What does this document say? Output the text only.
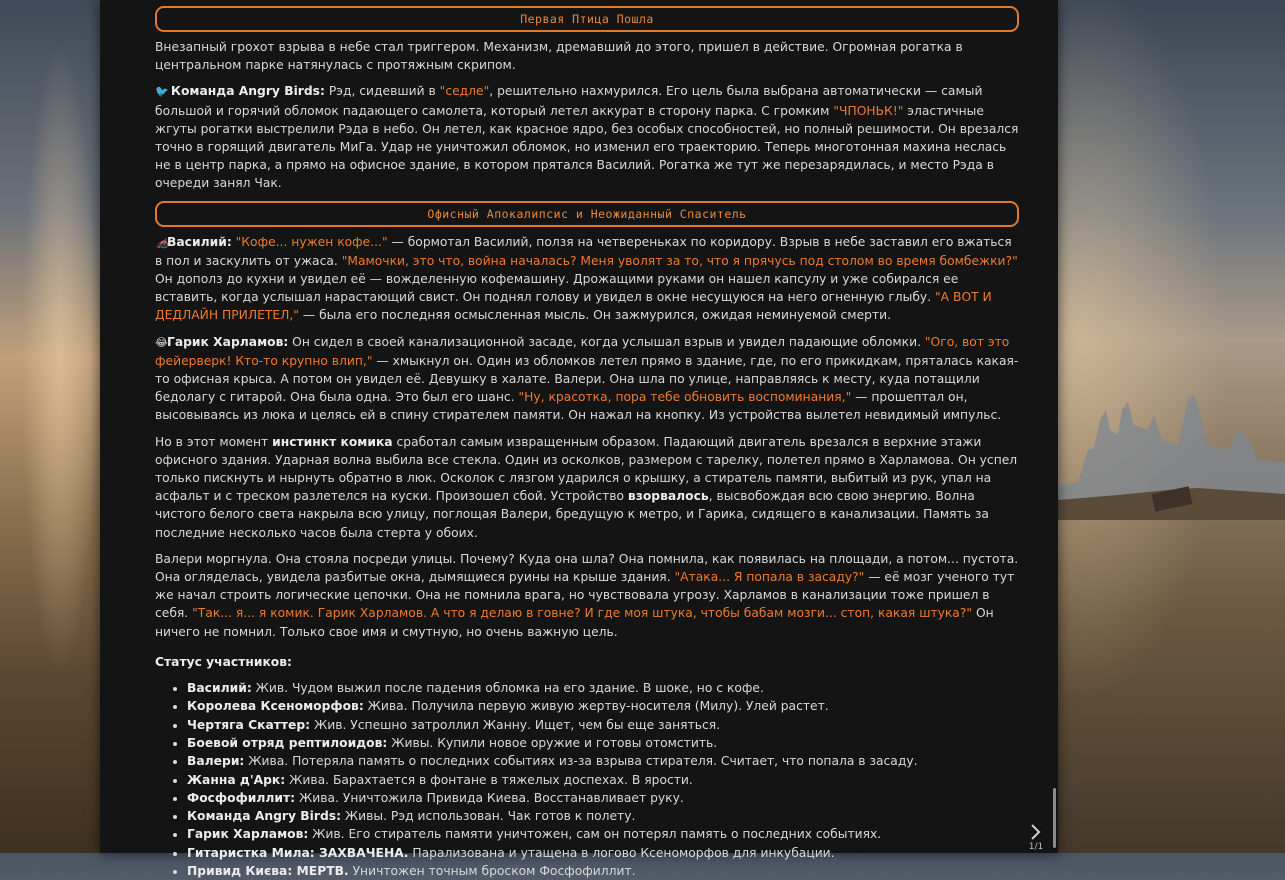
Первая Птица Пошла

Внезапный грохот взрыва в небе стал триггером. Механизм, дремавший до этого, пришел в действие. Огромная рогатка в центральном парке натянулась с протяжным скрипом.

🐦 Команда Angry Birds: Рэд, сидевший в "седле", решительно нахмурился. Его цель была выбрана автоматически — самый большой и горячий обломок падающего самолета, который летел аккурат в сторону парка. С громким "ЧПОНЬК!" эластичные жгуты рогатки выстрелили Рэда в небо. Он летел, как красное ядро, без особых способностей, но полный решимости. Он врезался точно в горящий двигатель МиГа. Удар не уничтожил обломок, но изменил его траекторию. Теперь многотонная махина неслась не в центр парка, а прямо на офисное здание, в котором прятался Василий. Рогатка же тут же перезарядилась, и место Рэда в очереди занял Чак.

Офисный Апокалипсис и Неожиданный Спаситель

🦽Василий: "Кофе... нужен кофе..." — бормотал Василий, ползя на четвереньках по коридору. Взрыв в небе заставил его вжаться в пол и заскулить от ужаса. "Мамочки, это что, война началась? Меня уволят за то, что я прячусь под столом во время бомбежки?" Он дополз до кухни и увидел её — вожделенную кофемашину. Дрожащими руками он нашел капсулу и уже собирался ее вставить, когда услышал нарастающий свист. Он поднял голову и увидел в окне несущуюся на него огненную глыбу. "А ВОТ И ДЕДЛАЙН ПРИЛЕТЕЛ," — была его последняя осмысленная мысль. Он зажмурился, ожидая неминуемой смерти.

😂Гарик Харламов: Он сидел в своей канализационной засаде, когда услышал взрыв и увидел падающие обломки. "Ого, вот это фейерверк! Кто-то крупно влип," — хмыкнул он. Один из обломков летел прямо в здание, где, по его прикидкам, пряталась какая-то офисная крыса. А потом он увидел её. Девушку в халате. Валери. Она шла по улице, направляясь к месту, куда потащили бедолагу с гитарой. Она была одна. Это был его шанс. "Ну, красотка, пора тебе обновить воспоминания," — прошептал он, высовываясь из люка и целясь ей в спину стирателем памяти. Он нажал на кнопку. Из устройства вылетел невидимый импульс.

Но в этот момент инстинкт комика сработал самым извращенным образом. Падающий двигатель врезался в верхние этажи офисного здания. Ударная волна выбила все стекла. Один из осколков, размером с тарелку, полетел прямо в Харламова. Он успел только пискнуть и нырнуть обратно в люк. Осколок с лязгом ударился о крышку, а стиратель памяти, выбитый из рук, упал на асфальт и с треском разлетелся на куски. Произошел сбой. Устройство взорвалось, высвобождая всю свою энергию. Волна чистого белого света накрыла всю улицу, поглощая Валери, бредущую к метро, и Гарика, сидящего в канализации. Память за последние несколько часов была стерта у обоих.

Валери моргнула. Она стояла посреди улицы. Почему? Куда она шла? Она помнила, как появилась на площади, а потом... пустота. Она огляделась, увидела разбитые окна, дымящиеся руины на крыше здания. "Атака... Я попала в засаду?" — её мозг ученого тут же начал строить логические цепочки. Она не помнила врага, но чувствовала угрозу. Харламов в канализации тоже пришел в себя. "Так... я... я комик. Гарик Харламов. А что я делаю в говне? И где моя штука, чтобы бабам мозги... стоп, какая штука?" Он ничего не помнил. Только свое имя и смутную, но очень важную цель.

Статус участников:
• Василий: Жив. Чудом выжил после падения обломка на его здание. В шоке, но с кофе.
• Королева Ксеноморфов: Жива. Получила первую живую жертву-носителя (Милу). Улей растет.
• Чертяга Скаттер: Жив. Успешно затроллил Жанну. Ищет, чем бы еще заняться.
• Боевой отряд рептилоидов: Живы. Купили новое оружие и готовы отомстить.
• Валери: Жива. Потеряла память о последних событиях из-за взрыва стирателя. Считает, что попала в засаду.
• Жанна д'Арк: Жива. Барахтается в фонтане в тяжелых доспехах. В ярости.
• Фосфофиллит: Жива. Уничтожила Привида Киева. Восстанавливает руку.
• Команда Angry Birds: Живы. Рэд использован. Чак готов к полету.
• Гарик Харламов: Жив. Его стиратель памяти уничтожен, сам он потерял память о последних событиях.
• Гитаристка Мила: ЗАХВАЧЕНА. Парализована и утащена в логово Ксеноморфов для инкубации.
• Привид Києва: МЕРТВ. Уничтожен точным броском Фосфофиллит.
1/1
